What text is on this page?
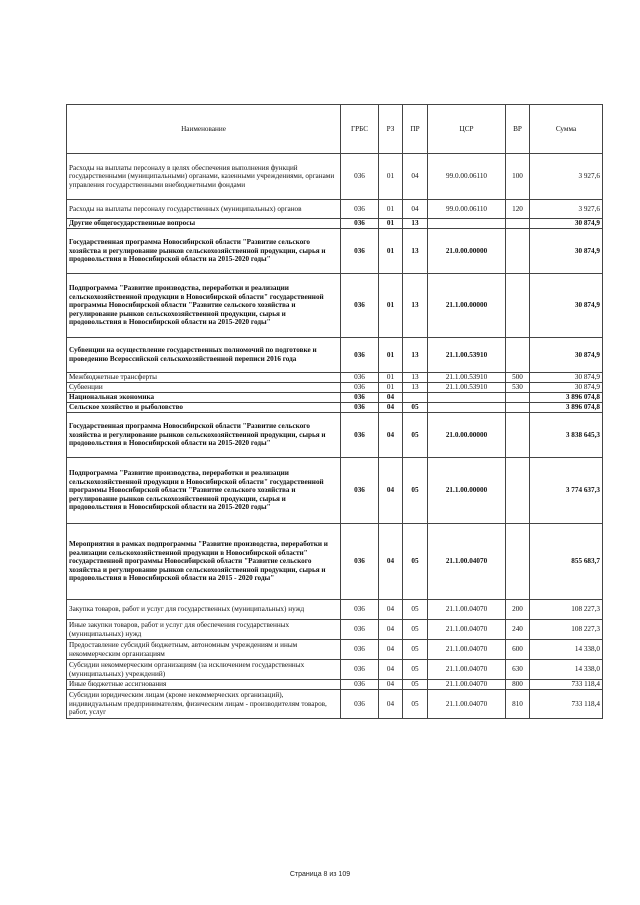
Наименование	ГРБС	РЗ	ПР	ЦСР	ВР	Сумма
Расходы на выплаты персоналу в целях обеспечения выполнения функций государственными (муниципальными) органами, казенными учреждениями, органами управления государственными внебюджетными фондами	036	01	04	99.0.00.06110	100	3 927,6
Расходы на выплаты персоналу государственных (муниципальных) органов	036	01	04	99.0.00.06110	120	3 927,6
Другие общегосударственные вопросы	036	01	13			30 874,9
Государственная программа Новосибирской области "Развитие сельского хозяйства и регулирование рынков сельскохозяйственной продукции, сырья и продовольствия в Новосибирской области на 2015-2020 годы"	036	01	13	21.0.00.00000		30 874,9
Подпрограмма "Развитие производства, переработки и реализации сельскохозяйственной продукции в Новосибирской области" государственной программы Новосибирской области "Развитие сельского хозяйства и регулирование рынков сельскохозяйственной продукции, сырья и продовольствия в Новосибирской области на 2015-2020 годы"	036	01	13	21.1.00.00000		30 874,9
Субвенции на осуществление государственных полномочий по подготовке и проведению Всероссийской сельскохозяйственной переписи 2016 года	036	01	13	21.1.00.53910		30 874,9
Межбюджетные трансферты	036	01	13	21.1.00.53910	500	30 874,9
Субвенции	036	01	13	21.1.00.53910	530	30 874,9
Национальная экономика	036	04				3 896 074,8
Сельское хозяйство и рыболовство	036	04	05			3 896 074,8
Государственная программа Новосибирской области "Развитие сельского хозяйства и регулирование рынков сельскохозяйственной продукции, сырья и продовольствия в Новосибирской области на 2015-2020 годы"	036	04	05	21.0.00.00000		3 838 645,3
Подпрограмма "Развитие производства, переработки и реализации сельскохозяйственной продукции в Новосибирской области" государственной программы Новосибирской области "Развитие сельского хозяйства и регулирование рынков сельскохозяйственной продукции, сырья и продовольствия в Новосибирской области на 2015-2020 годы"	036	04	05	21.1.00.00000		3 774 637,3
Мероприятия в рамках подпрограммы "Развитие производства, переработки и реализации сельскохозяйственной продукции в Новосибирской области" государственной программы Новосибирской области "Развитие сельского хозяйства и регулирование рынков сельскохозяйственной продукции, сырья и продовольствия в Новосибирской области на 2015 - 2020 годы"	036	04	05	21.1.00.04070		855 683,7
Закупка товаров, работ и услуг для государственных (муниципальных) нужд	036	04	05	21.1.00.04070	200	108 227,3
Иные закупки товаров, работ и услуг для обеспечения государственных (муниципальных) нужд	036	04	05	21.1.00.04070	240	108 227,3
Предоставление субсидий бюджетным, автономным учреждениям и иным некоммерческим организациям	036	04	05	21.1.00.04070	600	14 338,0
Субсидии некоммерческим организациям (за исключением государственных (муниципальных) учреждений)	036	04	05	21.1.00.04070	630	14 338,0
Иные бюджетные ассигнования	036	04	05	21.1.00.04070	800	733 118,4
Субсидии юридическим лицам (кроме некоммерческих организаций), индивидуальным предпринимателям, физическим лицам - производителям товаров, работ, услуг	036	04	05	21.1.00.04070	810	733 118,4
Страница 8 из 109
